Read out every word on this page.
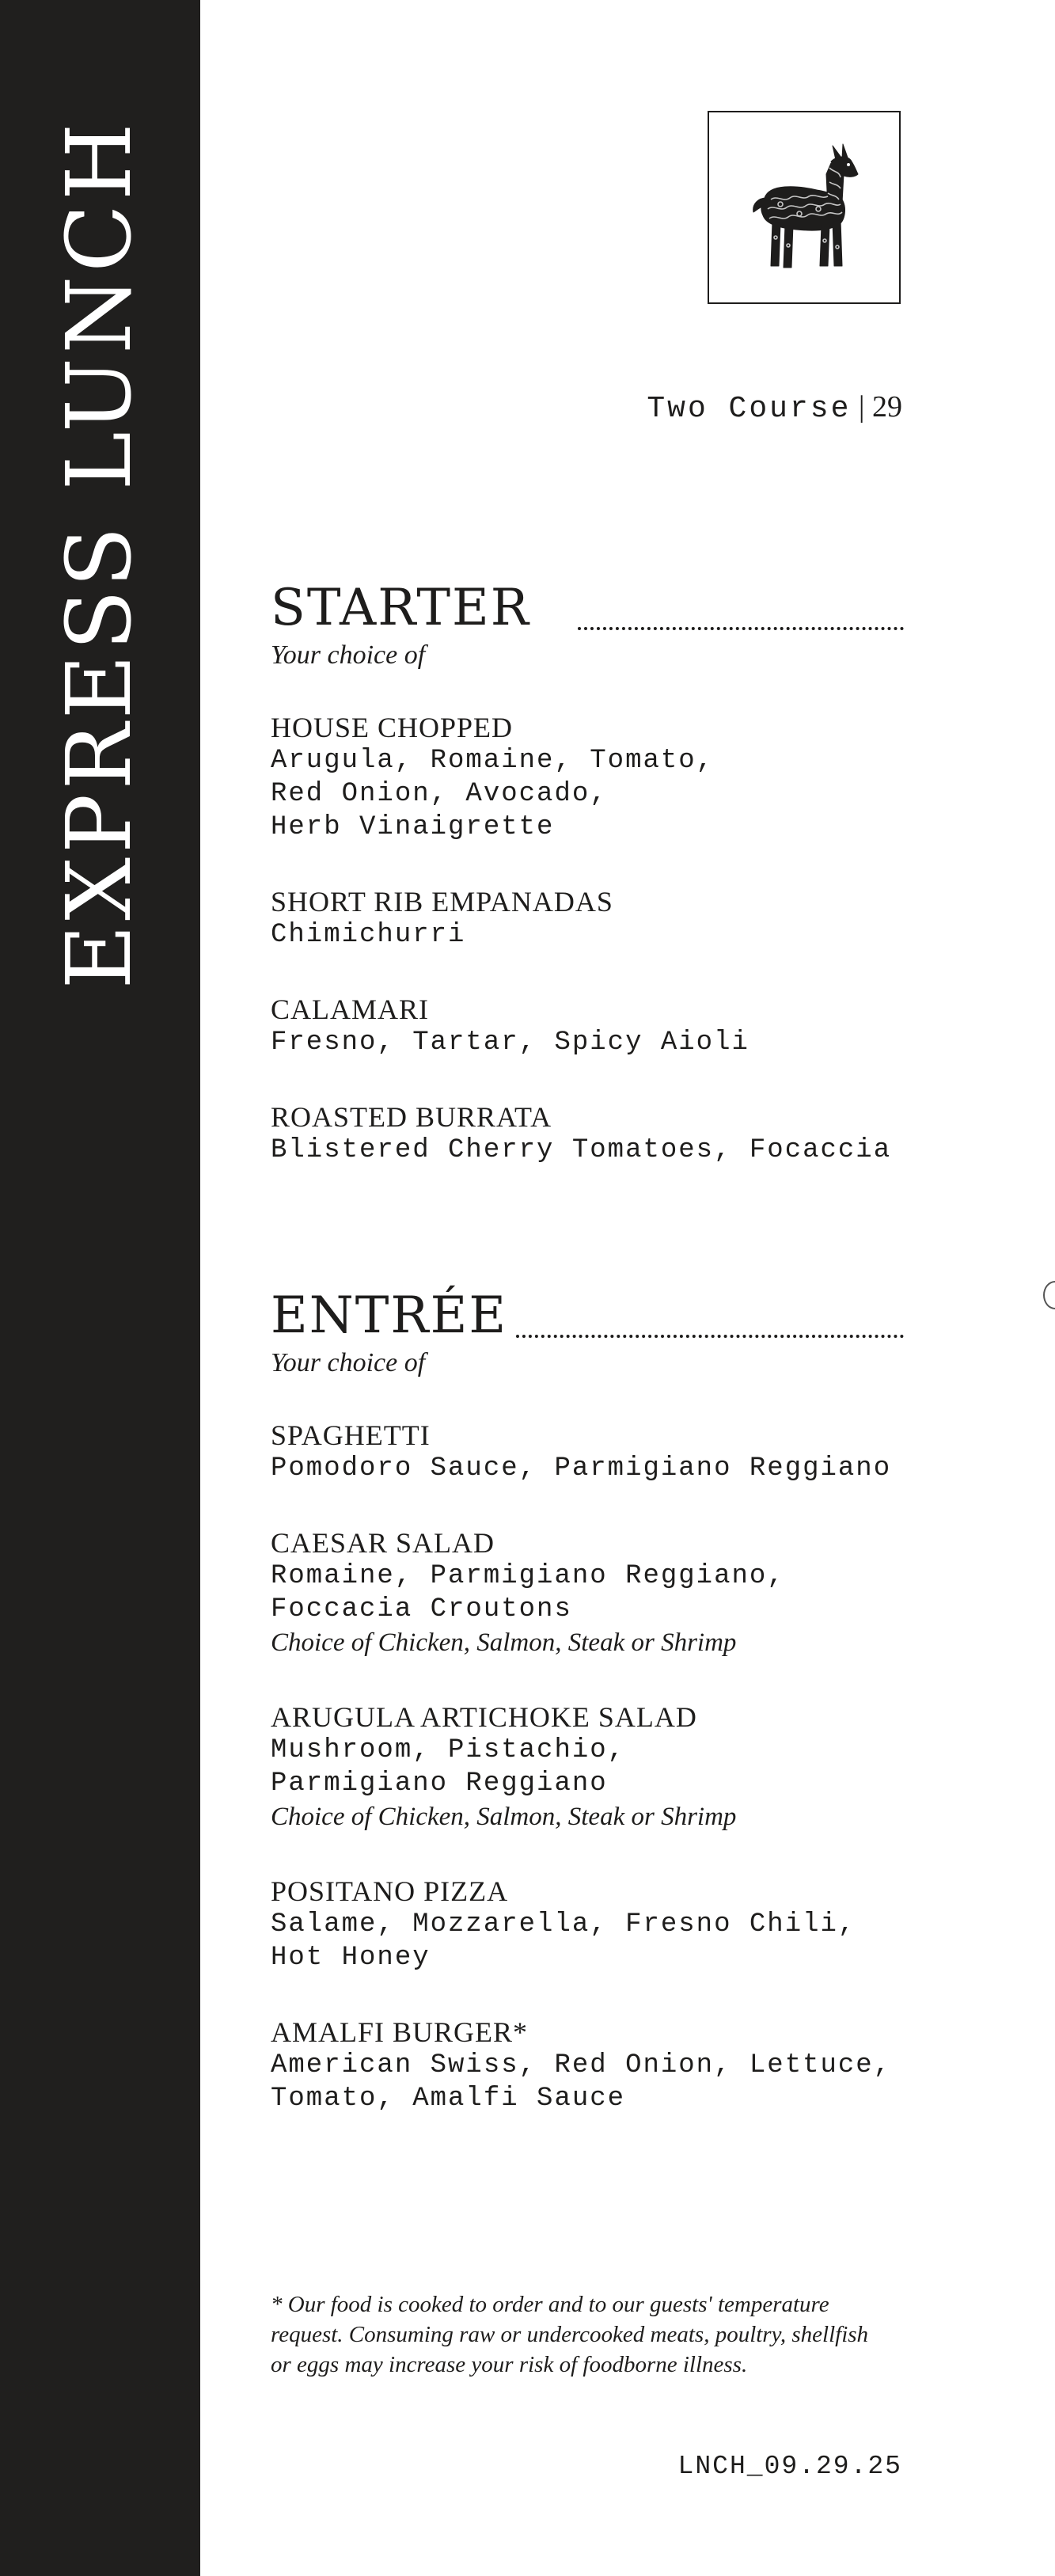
EXPRESS LUNCH	Two Course | 29
STARTER
Your choice of
HOUSE CHOPPED
Arugula, Romaine, Tomato,
Red Onion, Avocado,
Herb Vinaigrette
SHORT RIB EMPANADAS
Chimichurri
CALAMARI
Fresno, Tartar, Spicy Aioli
ROASTED BURRATA
Blistered Cherry Tomatoes, Focaccia
ENTRÉE
Your choice of
SPAGHETTI
Pomodoro Sauce, Parmigiano Reggiano
CAESAR SALAD
Romaine, Parmigiano Reggiano,
Foccacia Croutons
Choice of Chicken, Salmon, Steak or Shrimp
ARUGULA ARTICHOKE SALAD
Mushroom, Pistachio,
Parmigiano Reggiano
Choice of Chicken, Salmon, Steak or Shrimp
POSITANO PIZZA
Salame, Mozzarella, Fresno Chili,
Hot Honey
AMALFI BURGER*
American Swiss, Red Onion, Lettuce,
Tomato, Amalfi Sauce
* Our food is cooked to order and to our guests' temperature
request. Consuming raw or undercooked meats, poultry, shellfish
or eggs may increase your risk of foodborne illness.
LNCH_09.29.25
